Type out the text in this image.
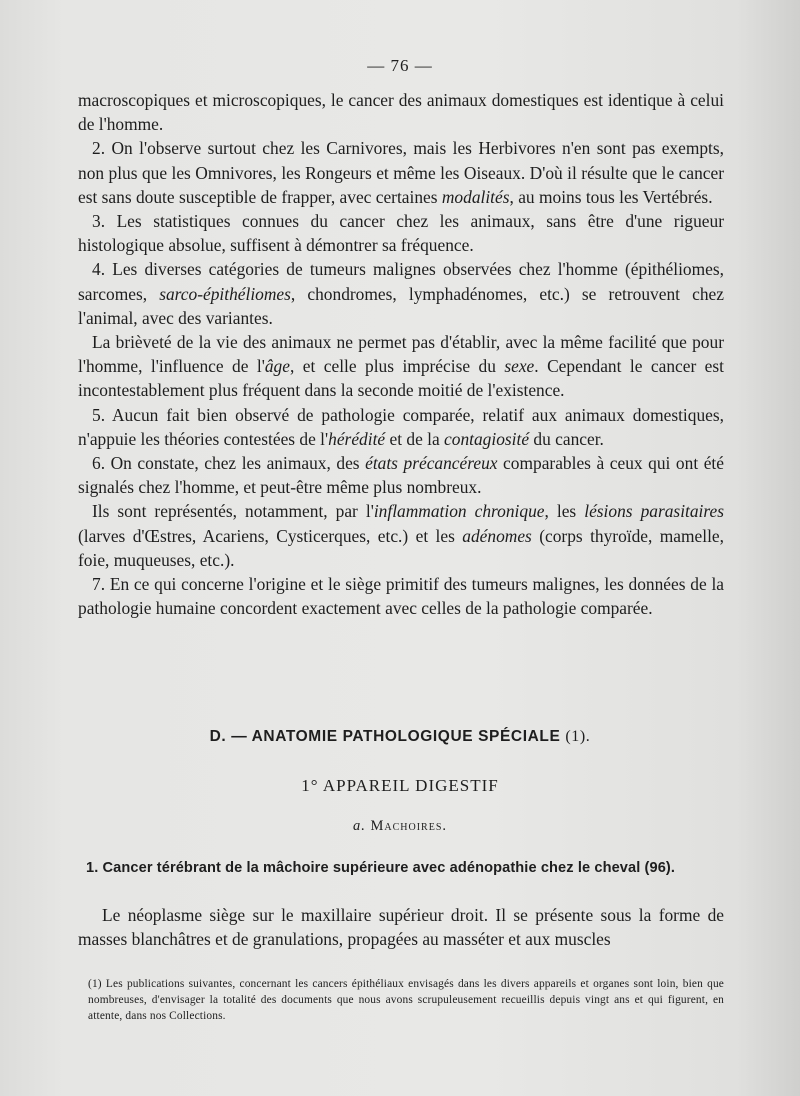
— 76 —

macroscopiques et microscopiques, le cancer des animaux domestiques est identique à celui de l'homme.

2. On l'observe surtout chez les Carnivores, mais les Herbivores n'en sont pas exempts, non plus que les Omnivores, les Rongeurs et même les Oiseaux. D'où il résulte que le cancer est sans doute susceptible de frapper, avec certaines modalités, au moins tous les Vertébrés.

3. Les statistiques connues du cancer chez les animaux, sans être d'une rigueur histologique absolue, suffisent à démontrer sa fréquence.

4. Les diverses catégories de tumeurs malignes observées chez l'homme (épithéliomes, sarcomes, sarco-épithéliomes, chondromes, lymphadénomes, etc.) se retrouvent chez l'animal, avec des variantes.

La brièveté de la vie des animaux ne permet pas d'établir, avec la même facilité que pour l'homme, l'influence de l'âge, et celle plus imprécise du sexe. Cependant le cancer est incontestablement plus fréquent dans la seconde moitié de l'existence.

5. Aucun fait bien observé de pathologie comparée, relatif aux animaux domestiques, n'appuie les théories contestées de l'hérédité et de la contagiosité du cancer.

6. On constate, chez les animaux, des états précancéreux comparables à ceux qui ont été signalés chez l'homme, et peut-être même plus nombreux.

Ils sont représentés, notamment, par l'inflammation chronique, les lésions parasitaires (larves d'Œstres, Acariens, Cysticerques, etc.) et les adénomes (corps thyroïde, mamelle, foie, muqueuses, etc.).

7. En ce qui concerne l'origine et le siège primitif des tumeurs malignes, les données de la pathologie humaine concordent exactement avec celles de la pathologie comparée.

D. — ANATOMIE PATHOLOGIQUE SPÉCIALE (1).
1° APPAREIL DIGESTIF
a. Machoires.
1. Cancer térébrant de la mâchoire supérieure avec adénopathie chez le cheval (96).

Le néoplasme siège sur le maxillaire supérieur droit. Il se présente sous la forme de masses blanchâtres et de granulations, propagées au masséter et aux muscles

(1) Les publications suivantes, concernant les cancers épithéliaux envisagés dans les divers appareils et organes sont loin, bien que nombreuses, d'envisager la totalité des documents que nous avons scrupuleusement recueillis depuis vingt ans et qui figurent, en attente, dans nos Collections.
